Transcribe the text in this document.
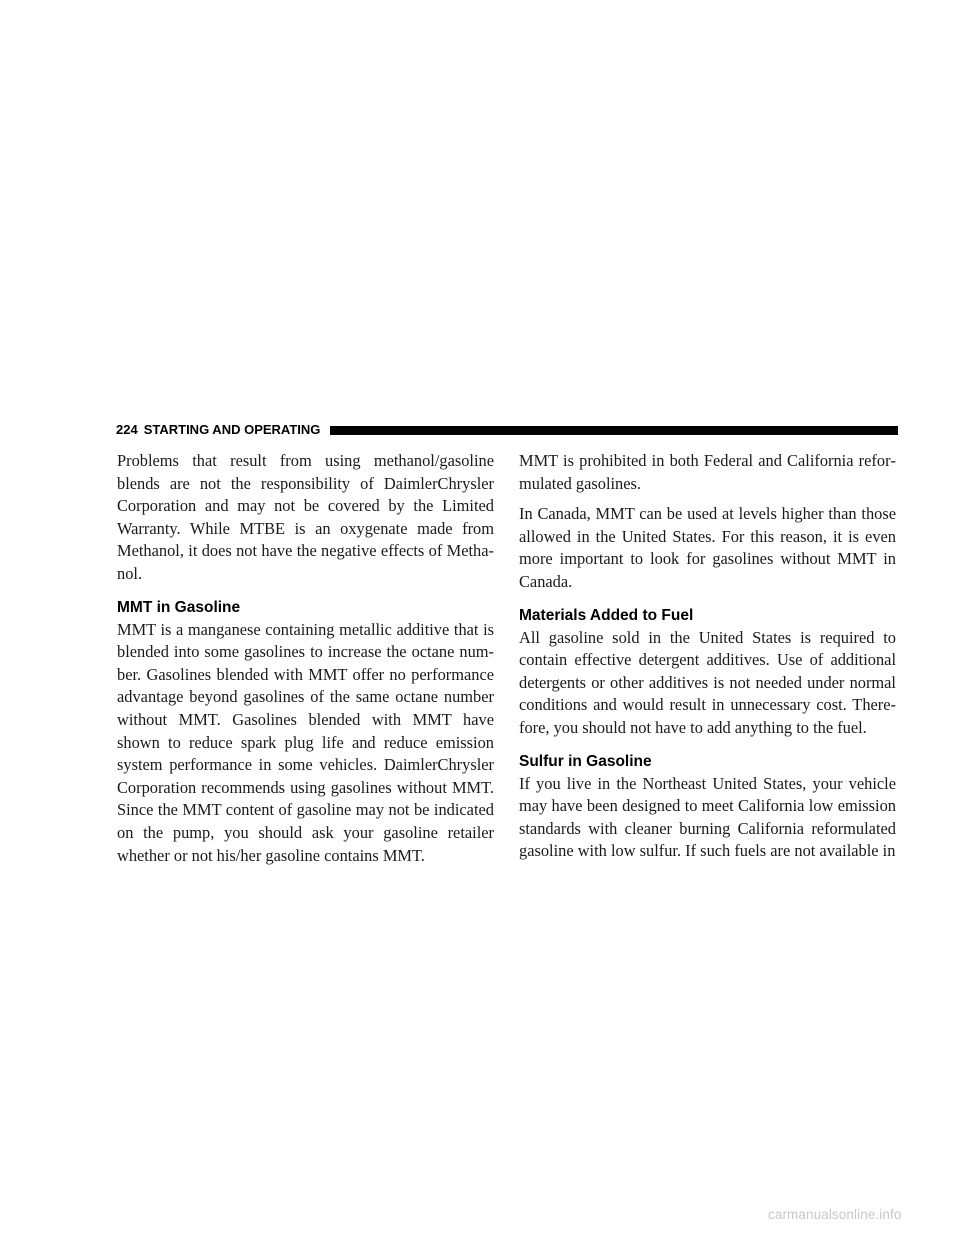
224 STARTING AND OPERATING

Problems that result from using methanol/gasoline blends are not the responsibility of DaimlerChrysler Corporation and may not be covered by the Limited Warranty. While MTBE is an oxygenate made from Methanol, it does not have the negative effects of Methanol.

MMT in Gasoline

MMT is a manganese containing metallic additive that is blended into some gasolines to increase the octane number. Gasolines blended with MMT offer no performance advantage beyond gasolines of the same octane number without MMT. Gasolines blended with MMT have shown to reduce spark plug life and reduce emission system performance in some vehicles. DaimlerChrysler Corporation recommends using gasolines without MMT. Since the MMT content of gasoline may not be indicated on the pump, you should ask your gasoline retailer whether or not his/her gasoline contains MMT.

MMT is prohibited in both Federal and California reformulated gasolines.

In Canada, MMT can be used at levels higher than those allowed in the United States. For this reason, it is even more important to look for gasolines without MMT in Canada.

Materials Added to Fuel

All gasoline sold in the United States is required to contain effective detergent additives. Use of additional detergents or other additives is not needed under normal conditions and would result in unnecessary cost. Therefore, you should not have to add anything to the fuel.

Sulfur in Gasoline

If you live in the Northeast United States, your vehicle may have been designed to meet California low emission standards with cleaner burning California reformulated gasoline with low sulfur. If such fuels are not available in

carmanualsonline.info
